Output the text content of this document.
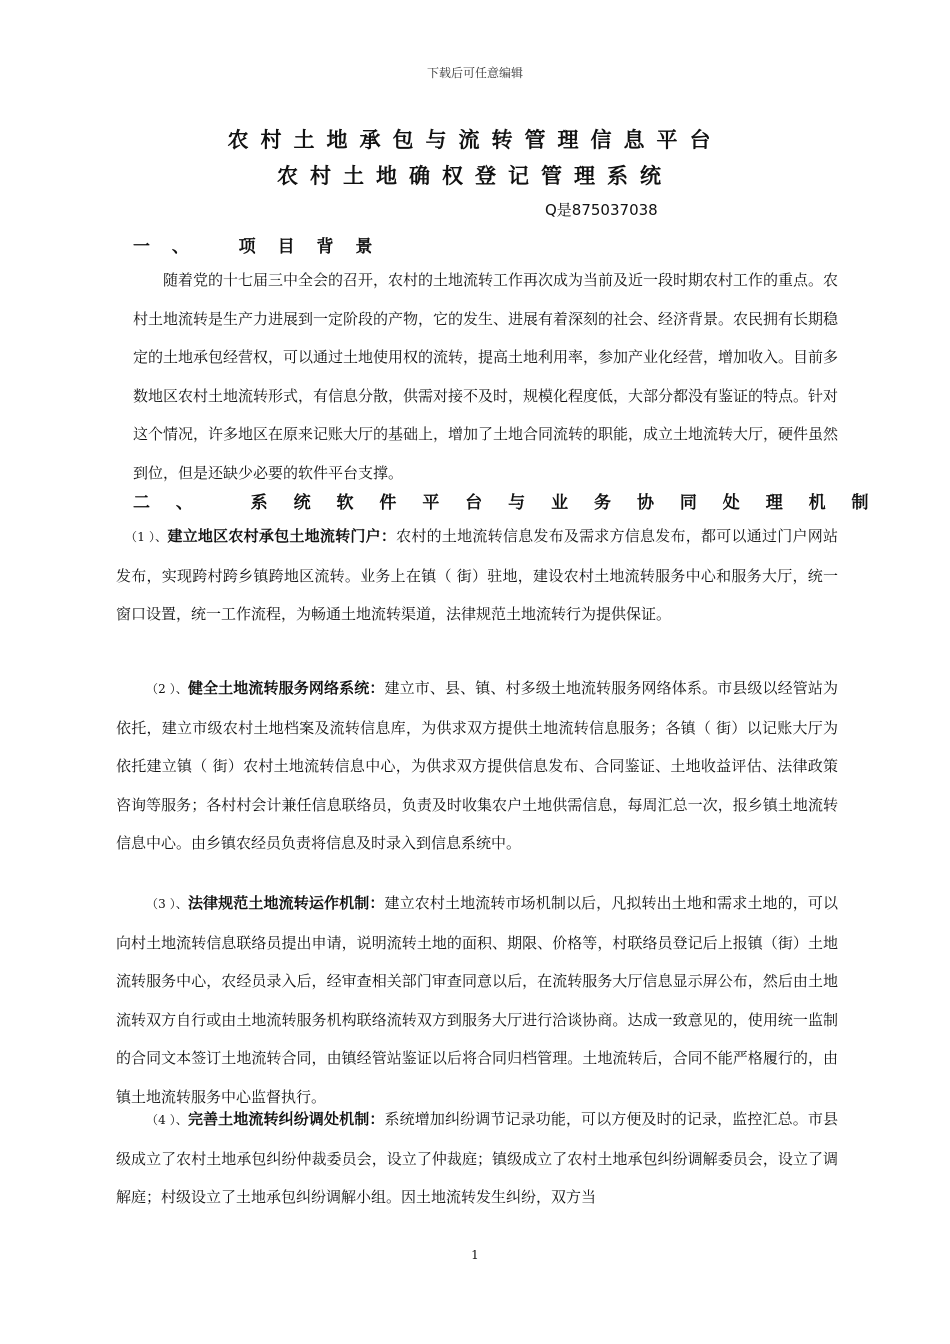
下载后可任意编辑
农村土地承包与流转管理信息平台
农村土地确权登记管理系统
Q是875037038
一 、   项 目 背 景
随着党的十七届三中全会的召开，农村的土地流转工作再次成为当前及近一段时期农村工作的重点。农村土地流转是生产力进展到一定阶段的产物，它的发生、进展有着深刻的社会、经济背景。农民拥有长期稳定的土地承包经营权，可以通过土地使用权的流转，提高土地利用率，参加产业化经营，增加收入。目前多数地区农村土地流转形式，有信息分散，供需对接不及时，规模化程度低，大部分都没有鉴证的特点。针对这个情况，许多地区在原来记账大厅的基础上，增加了土地合同流转的职能，成立土地流转大厅，硬件虽然到位，但是还缺少必要的软件平台支撑。
二 、   系 统 软 件 平 台 与 业 务 协 同 处 理 机 制
（1 ）、建立地区农村承包土地流转门户：农村的土地流转信息发布及需求方信息发布，都可以通过门户网站发布，实现跨村跨乡镇跨地区流转。业务上在镇（ 街）驻地，建设农村土地流转服务中心和服务大厅，统一窗口设置，统一工作流程，为畅通土地流转渠道，法律规范土地流转行为提供保证。
（2 ）、健全土地流转服务网络系统：建立市、县、镇、村多级土地流转服务网络体系。市县级以经管站为依托，建立市级农村土地档案及流转信息库，为供求双方提供土地流转信息服务；各镇（ 街）以记账大厅为依托建立镇（ 街）农村土地流转信息中心，为供求双方提供信息发布、合同鉴证、土地收益评估、法律政策咨询等服务；各村村会计兼任信息联络员，负责及时收集农户土地供需信息，每周汇总一次，报乡镇土地流转信息中心。由乡镇农经员负责将信息及时录入到信息系统中。
（3 ）、法律规范土地流转运作机制：建立农村土地流转市场机制以后，凡拟转出土地和需求土地的，可以向村土地流转信息联络员提出申请，说明流转土地的面积、期限、价格等，村联络员登记后上报镇（街）土地流转服务中心，农经员录入后，经审查相关部门审查同意以后，在流转服务大厅信息显示屏公布，然后由土地流转双方自行或由土地流转服务机构联络流转双方到服务大厅进行洽谈协商。达成一致意见的，使用统一监制的合同文本签订土地流转合同，由镇经管站鉴证以后将合同归档管理。土地流转后，合同不能严格履行的，由镇土地流转服务中心监督执行。
（4 ）、完善土地流转纠纷调处机制：系统增加纠纷调节记录功能，可以方便及时的记录，监控汇总。市县级成立了农村土地承包纠纷仲裁委员会，设立了仲裁庭；镇级成立了农村土地承包纠纷调解委员会，设立了调解庭；村级设立了土地承包纠纷调解小组。因土地流转发生纠纷，双方当
1
